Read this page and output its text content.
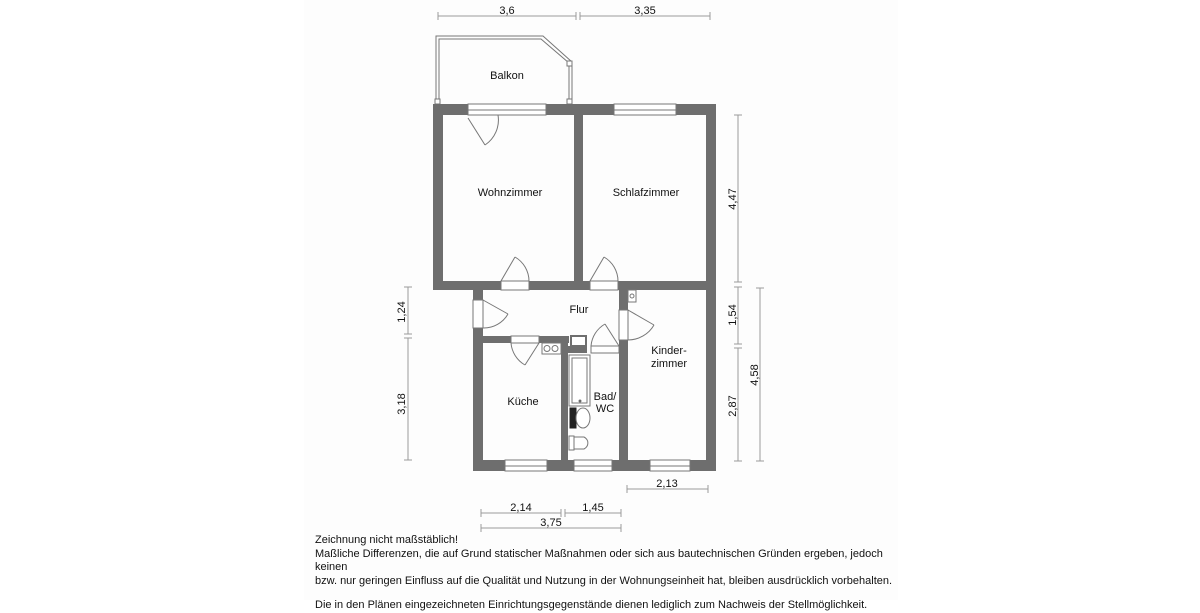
3,6	3,35
1,24
3,18
4,47
1,54
2,87
4,58
2,13
2,14	1,45
3,75
Balkon
Wohnzimmer	Schlafzimmer
Flur
Kinder-
zimmer
Küche	Bad/
WC

Zeichnung nicht maßstäblich!

Maßliche Differenzen, die auf Grund statischer Maßnahmen oder sich aus bautechnischen Gründen ergeben, jedoch keinen

bzw. nur geringen Einfluss auf die Qualität und Nutzung in der Wohnungseinheit hat, bleiben ausdrücklich vorbehalten.

Die in den Plänen eingezeichneten Einrichtungsgegenstände dienen lediglich zum Nachweis der Stellmöglichkeit.
